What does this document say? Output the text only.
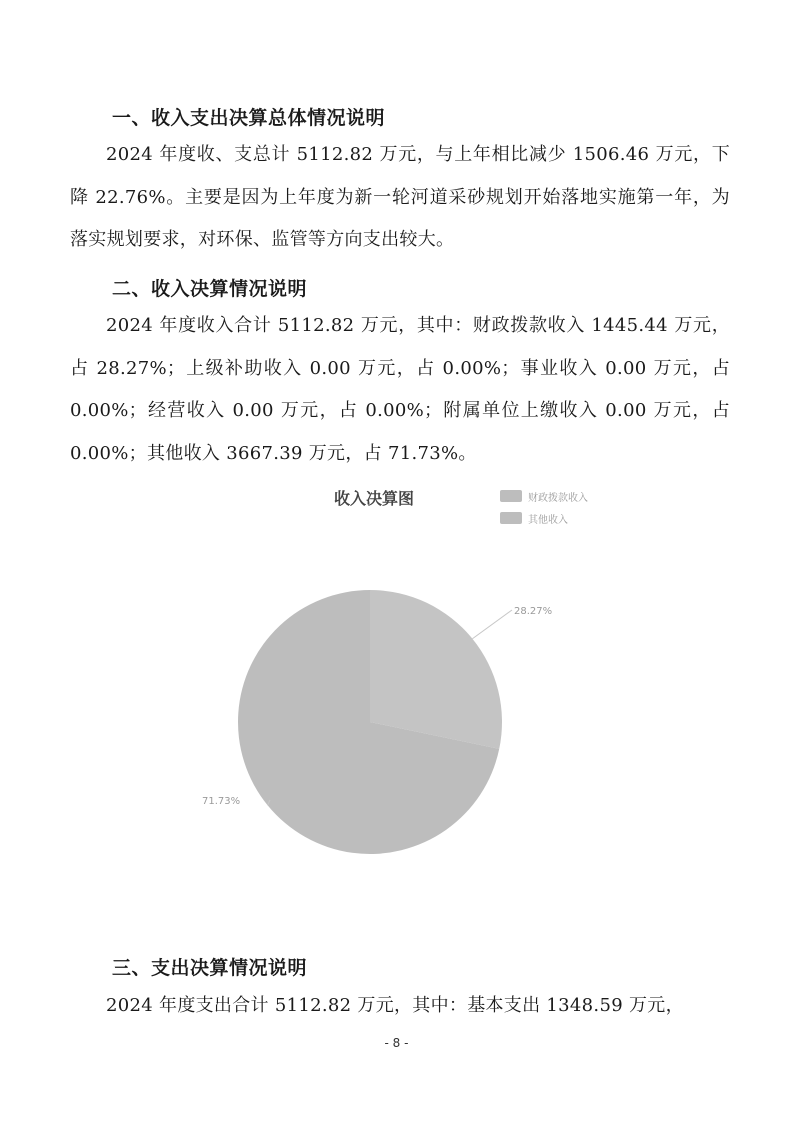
一、收入支出决算总体情况说明

2024 年度收、支总计 5112.82 万元，与上年相比减少 1506.46 万元，下降 22.76%。主要是因为上年度为新一轮河道采砂规划开始落地实施第一年，为落实规划要求，对环保、监管等方向支出较大。

二、收入决算情况说明

2024 年度收入合计 5112.82 万元，其中：财政拨款收入 1445.44 万元，占 28.27%；上级补助收入 0.00 万元，占 0.00%；事业收入 0.00 万元，占 0.00%；经营收入 0.00 万元，占 0.00%；附属单位上缴收入 0.00 万元，占 0.00%；其他收入 3667.39 万元，占 71.73%。

收入决算图	财政拨款收入
其他收入
28.27%
71.73%
三、支出决算情况说明

2024 年度支出合计 5112.82 万元，其中：基本支出 1348.59 万元，

- 8 -
